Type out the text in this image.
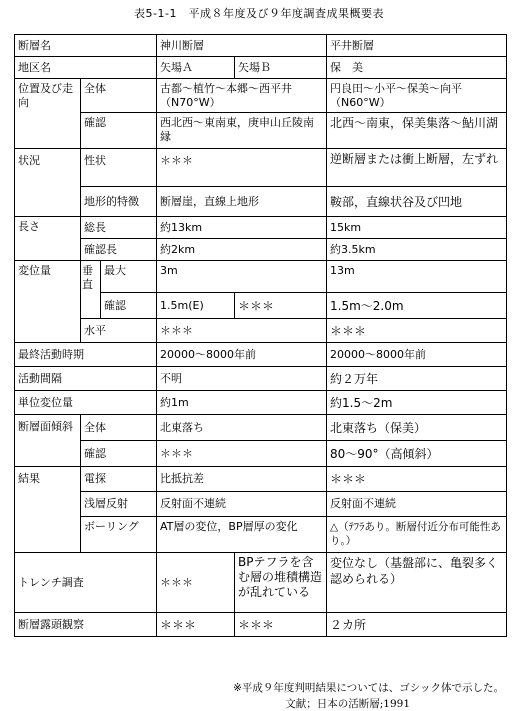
表5-1-1　平成８年度及び９年度調査成果概要表
断層名			神川断層		平井断層
地区名			矢場Ａ	矢場Ｂ	保　美
位置及び走向	全体		古都～植竹～本郷～西平井（N70°W）		円良田～小平～保美～向平（N60°W）
	確認		西北西～東南東，庚申山丘陵南縁		北西～南東，保美集落～鮎川湖
状況	性状		＊＊＊		逆断層または衝上断層，左ずれ
	地形的特徴		断層崖，直線上地形		鞍部，直線状谷及び凹地
長さ	総長		約13km		15km
	確認長		約2km		約3.5km
変位量	垂直	最大	3m		13m
		確認	1.5m(E)	＊＊＊	1.5m～2.0m
	水平		＊＊＊		＊＊＊
最終活動時期			20000～8000年前		20000～8000年前
活動間隔			不明		約２万年
単位変位量			約1m		約1.5～2m
断層面傾斜	全体		北東落ち		北東落ち（保美）
	確認		＊＊＊		80～90°（高傾斜）
結果	電探		比抵抗差		＊＊＊
	浅層反射		反射面不連続		反射面不連続
	ボーリング		AT層の変位，BP層厚の変化		△（ﾃﾌﾗあり。断層付近分布可能性あり。）
トレンチ調査			＊＊＊	BPテフラを含む層の堆積構造が乱れている	変位なし（基盤部に、亀裂多く認められる）
断層露頭観察			＊＊＊	＊＊＊	２カ所
※平成９年度判明結果については、ゴシック体で示した。
文献；日本の活断層;1991
